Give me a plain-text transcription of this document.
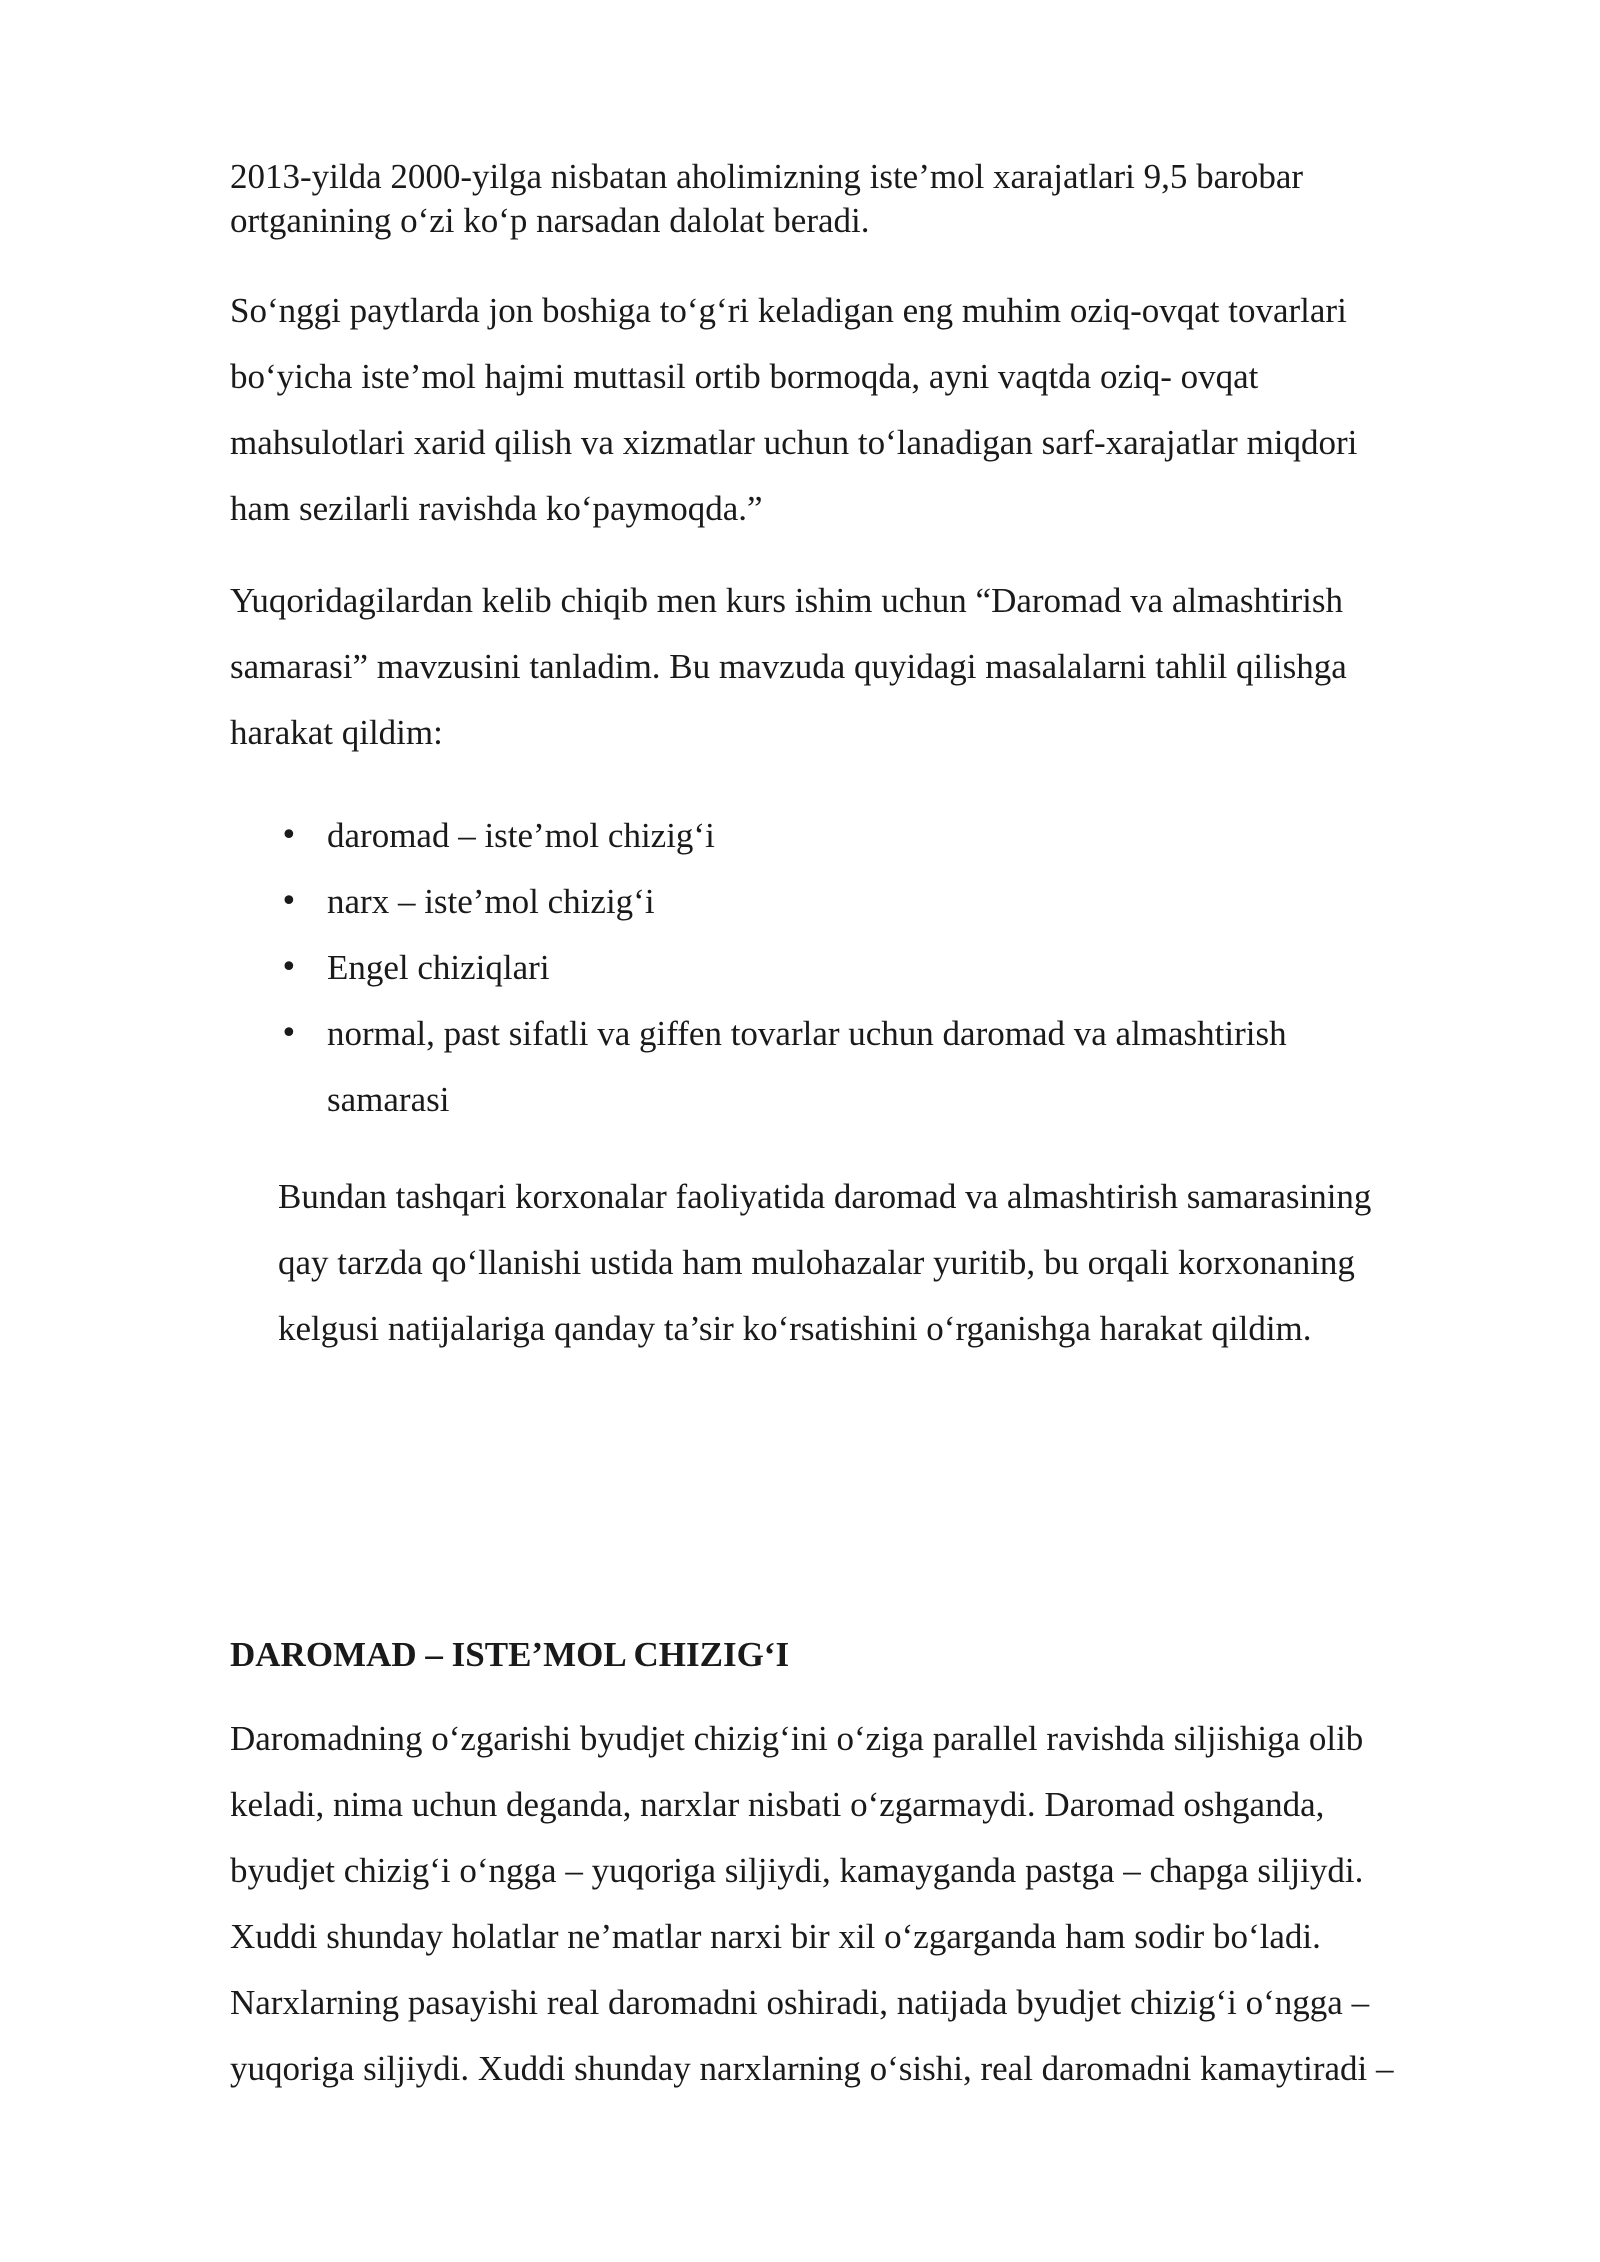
2013-yilda 2000-yilga nisbatan aholimizning iste’mol xarajatlari 9,5 barobar
ortganining o‘zi ko‘p narsadan dalolat beradi.

So‘nggi paytlarda jon boshiga to‘g‘ri keladigan eng muhim oziq-ovqat tovarlari
bo‘yicha iste’mol hajmi muttasil ortib bormoqda, ayni vaqtda oziq- ovqat
mahsulotlari xarid qilish va xizmatlar uchun to‘lanadigan sarf-xarajatlar miqdori
ham sezilarli ravishda ko‘paymoqda.”

Yuqoridagilardan kelib chiqib men kurs ishim uchun “Daromad va almashtirish
samarasi” mavzusini tanladim. Bu mavzuda quyidagi masalalarni tahlil qilishga
harakat qildim:

• daromad – iste’mol chizig‘i
• narx – iste’mol chizig‘i
• Engel chiziqlari
• normal, past sifatli va giffen tovarlar uchun daromad va almashtirish
samarasi

Bundan tashqari korxonalar faoliyatida daromad va almashtirish samarasining
qay tarzda qo‘llanishi ustida ham mulohazalar yuritib, bu orqali korxonaning
kelgusi natijalariga qanday ta’sir ko‘rsatishini o‘rganishga harakat qildim.

DAROMAD – ISTE’MOL CHIZIG‘I

Daromadning o‘zgarishi byudjet chizig‘ini o‘ziga parallel ravishda siljishiga olib
keladi, nima uchun deganda, narxlar nisbati o‘zgarmaydi. Daromad oshganda,
byudjet chizig‘i o‘ngga – yuqoriga siljiydi, kamayganda pastga – chapga siljiydi.
Xuddi shunday holatlar ne’matlar narxi bir xil o‘zgarganda ham sodir bo‘ladi.
Narxlarning pasayishi real daromadni oshiradi, natijada byudjet chizig‘i o‘ngga –
yuqoriga siljiydi. Xuddi shunday narxlarning o‘sishi, real daromadni kamaytiradi –
